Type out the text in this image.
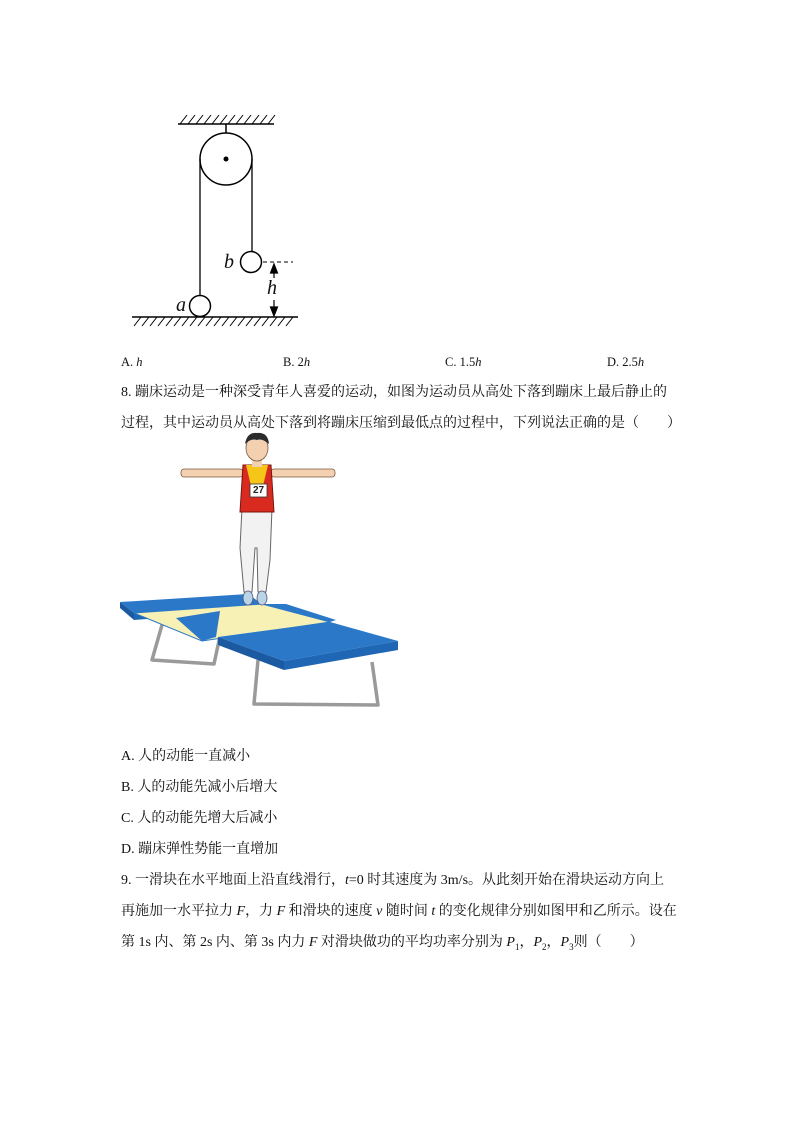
b
a
h
A. h	B. 2h	C. 1.5h	D. 2.5h
8. 蹦床运动是一种深受青年人喜爱的运动，如图为运动员从高处下落到蹦床上最后静止的
过程，其中运动员从高处下落到将蹦床压缩到最低点的过程中，下列说法正确的是（　　）
27
A. 人的动能一直减小
B. 人的动能先减小后增大
C. 人的动能先增大后减小
D. 蹦床弹性势能一直增加
9. 一滑块在水平地面上沿直线滑行，t=0 时其速度为 3m/s。从此刻开始在滑块运动方向上
再施加一水平拉力 F，力 F 和滑块的速度 v 随时间 t 的变化规律分别如图甲和乙所示。设在
第 1s 内、第 2s 内、第 3s 内力 F 对滑块做功的平均功率分别为 $P_1$，$P_2$，$P_3$则（　　）
